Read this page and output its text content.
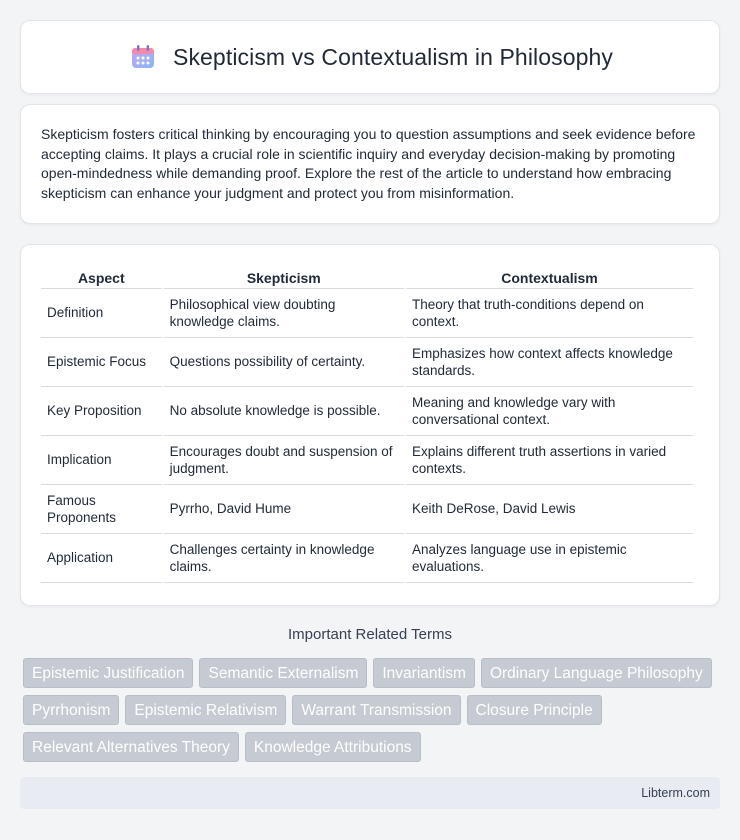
Skepticism vs Contextualism in Philosophy

Skepticism fosters critical thinking by encouraging you to question assumptions and seek evidence before accepting claims. It plays a crucial role in scientific inquiry and everyday decision-making by promoting open-mindedness while demanding proof. Explore the rest of the article to understand how embracing skepticism can enhance your judgment and protect you from misinformation.

Aspect	Skepticism	Contextualism
Definition	Philosophical view doubting knowledge claims.	Theory that truth-conditions depend on context.
Epistemic Focus	Questions possibility of certainty.	Emphasizes how context affects knowledge standards.
Key Proposition	No absolute knowledge is possible.	Meaning and knowledge vary with conversational context.
Implication	Encourages doubt and suspension of judgment.	Explains different truth assertions in varied contexts.
Famous Proponents	Pyrrho, David Hume	Keith DeRose, David Lewis
Application	Challenges certainty in knowledge claims.	Analyzes language use in epistemic evaluations.
Important Related Terms
Epistemic Justification	Semantic Externalism	Invariantism	Ordinary Language Philosophy
Pyrrhonism	Epistemic Relativism	Warrant Transmission	Closure Principle
Relevant Alternatives Theory	Knowledge Attributions
Libterm.com
